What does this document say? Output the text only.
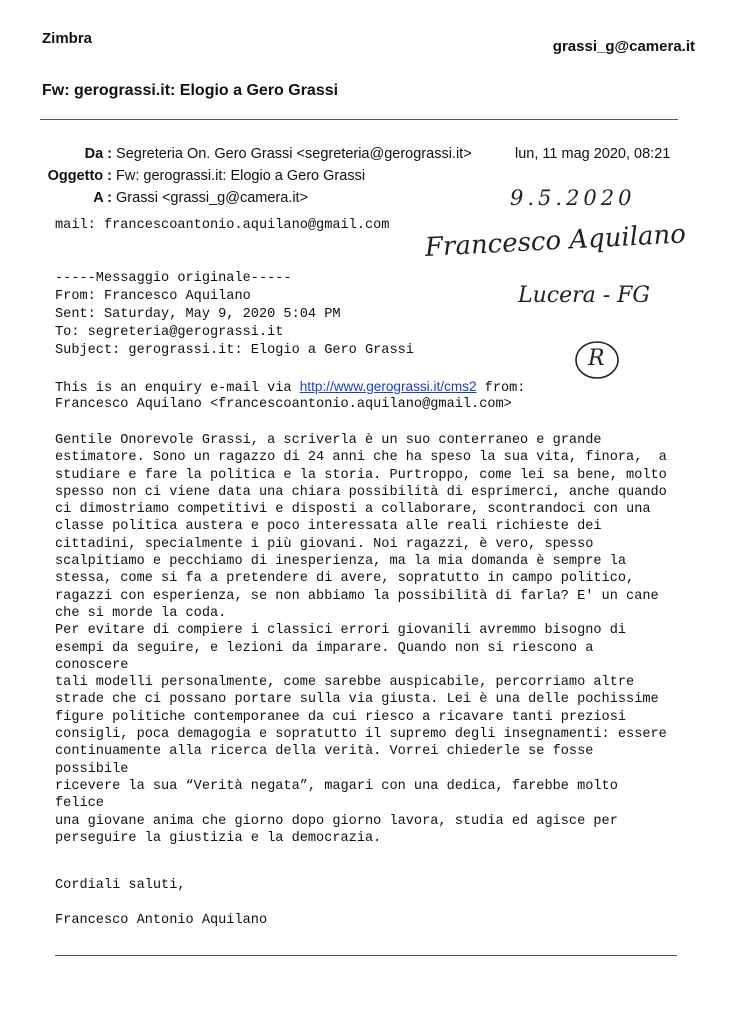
Zimbra	grassi_g@camera.it
Fw: gerograssi.it: Elogio a Gero Grassi
Da : Segreteria On. Gero Grassi <segreteria@gerograssi.it>	lun, 11 mag 2020, 08:21
Oggetto : Fw: gerograssi.it: Elogio a Gero Grassi
A : Grassi <grassi_g@camera.it>
mail: francescoantonio.aquilano@gmail.com
-----Messaggio originale-----
From: Francesco Aquilano
Sent: Saturday, May 9, 2020 5:04 PM
To: segreteria@gerograssi.it
Subject: gerograssi.it: Elogio a Gero Grassi
This is an enquiry e-mail via http://www.gerograssi.it/cms2 from:
Francesco Aquilano <francescoantonio.aquilano@gmail.com>
Gentile Onorevole Grassi, a scriverla è un suo conterraneo e grande
estimatore. Sono un ragazzo di 24 anni che ha speso la sua vita, finora,  a
studiare e fare la politica e la storia. Purtroppo, come lei sa bene, molto
spesso non ci viene data una chiara possibilità di esprimerci, anche quando
ci dimostriamo competitivi e disposti a collaborare, scontrandoci con una
classe politica austera e poco interessata alle reali richieste dei
cittadini, specialmente i più giovani. Noi ragazzi, è vero, spesso
scalpitiamo e pecchiamo di inesperienza, ma la mia domanda è sempre la
stessa, come si fa a pretendere di avere, sopratutto in campo politico,
ragazzi con esperienza, se non abbiamo la possibilità di farla? E' un cane
che si morde la coda.
Per evitare di compiere i classici errori giovanili avremmo bisogno di
esempi da seguire, e lezioni da imparare. Quando non si riescono a
conoscere
tali modelli personalmente, come sarebbe auspicabile, percorriamo altre
strade che ci possano portare sulla via giusta. Lei è una delle pochissime
figure politiche contemporanee da cui riesco a ricavare tanti preziosi
consigli, poca demagogia e sopratutto il supremo degli insegnamenti: essere
continuamente alla ricerca della verità. Vorrei chiederle se fosse
possibile
ricevere la sua “Verità negata”, magari con una dedica, farebbe molto
felice
una giovane anima che giorno dopo giorno lavora, studia ed agisce per
perseguire la giustizia e la democrazia.
Cordiali saluti,

Francesco Antonio Aquilano
9.5.2020
Francesco Aquilano
Lucera - FG
R
